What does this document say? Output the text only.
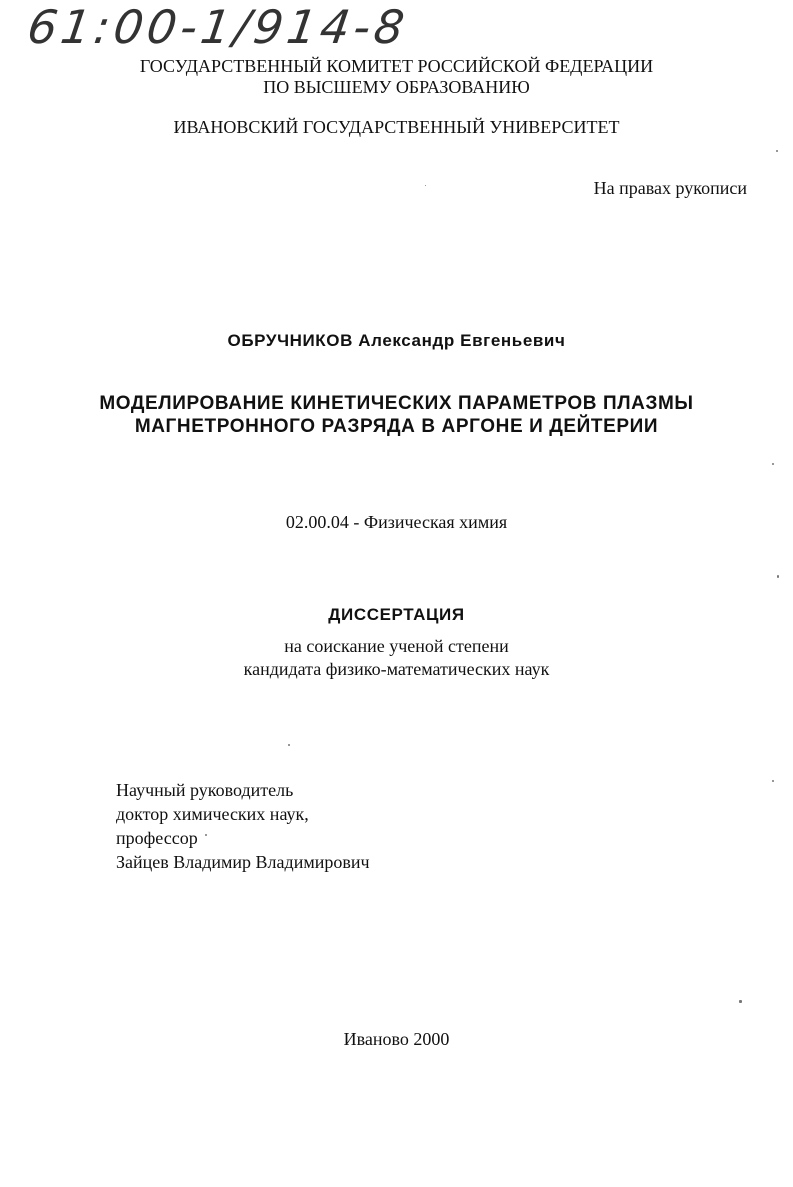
61:00-1/914-8
ГОСУДАРСТВЕННЫЙ КОМИТЕТ РОССИЙСКОЙ ФЕДЕРАЦИИ
ПО ВЫСШЕМУ ОБРАЗОВАНИЮ
ИВАНОВСКИЙ ГОСУДАРСТВЕННЫЙ УНИВЕРСИТЕТ
На правах рукописи
ОБРУЧНИКОВ Александр Евгеньевич
МОДЕЛИРОВАНИЕ КИНЕТИЧЕСКИХ ПАРАМЕТРОВ ПЛАЗМЫ
МАГНЕТРОННОГО РАЗРЯДА В АРГОНЕ И ДЕЙТЕРИИ
02.00.04 - Физическая химия
ДИССЕРТАЦИЯ
на соискание ученой степени
кандидата физико-математических наук
Научный руководитель
доктор химических наук,
профессор
Зайцев Владимир Владимирович
Иваново 2000
